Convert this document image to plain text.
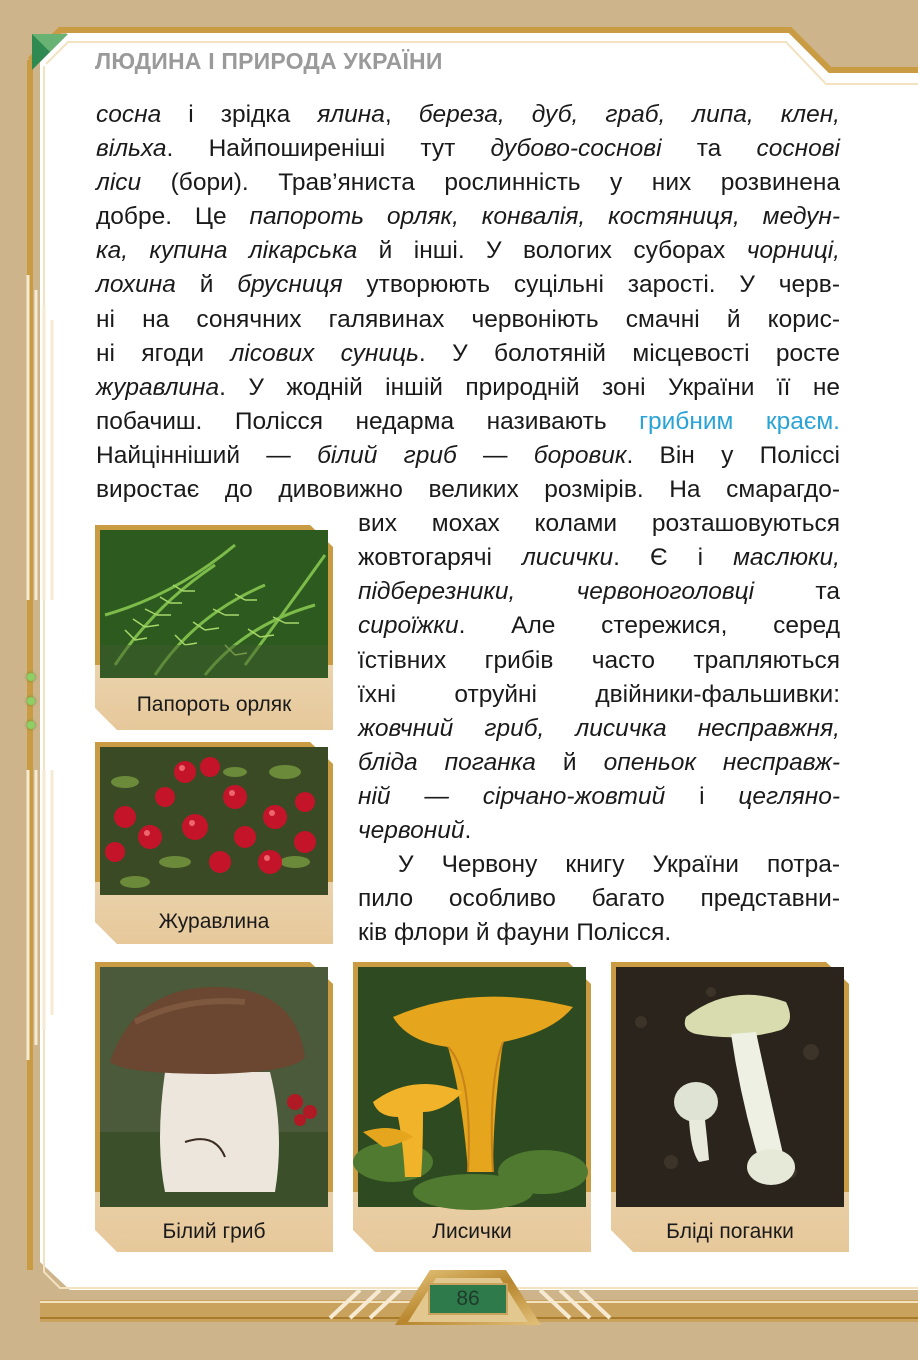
ЛЮДИНА І ПРИРОДА УКРАЇНИ
сосна і зрідка ялина, береза, дуб, граб, липа, клен,
вільха. Найпоширеніші тут дубово-соснові та соснові
ліси (бори). Трав’яниста рослинність у них розвинена
добре. Це папороть орляк, конвалія, костяниця, медун-
ка, купина лікарська й інші. У вологих суборах чорниці,
лохина й брусниця утворюють суцільні зарості. У черв-
ні на сонячних галявинах червоніють смачні й корис-
ні ягоди лісових суниць. У болотяній місцевості росте
журавлина. У жодній іншій природній зоні України її не
побачиш. Полісся недарма називають грибним краєм.
Найцінніший — білий гриб — боровик. Він у Поліссі
виростає до дивовижно великих розмірів. На смарагдо-
вих мохах колами розташовуються
жовтогарячі лисички. Є і маслюки,
підберезники, червоноголовці та
сироїжки. Але стережися, серед
їстівних грибів часто трапляються
їхні отруйні двійники-фальшивки:
жовчний гриб, лисичка несправжня,
бліда поганка й опеньок несправж-
ній — сірчано-жовтий і цегляно-
червоний.
У Червону книгу України потра-
пило особливо багато представни-
ків флори й фауни Полісся.
Папороть орляк
Журавлина
Білий гриб	Лисички	Бліді поганки
86
